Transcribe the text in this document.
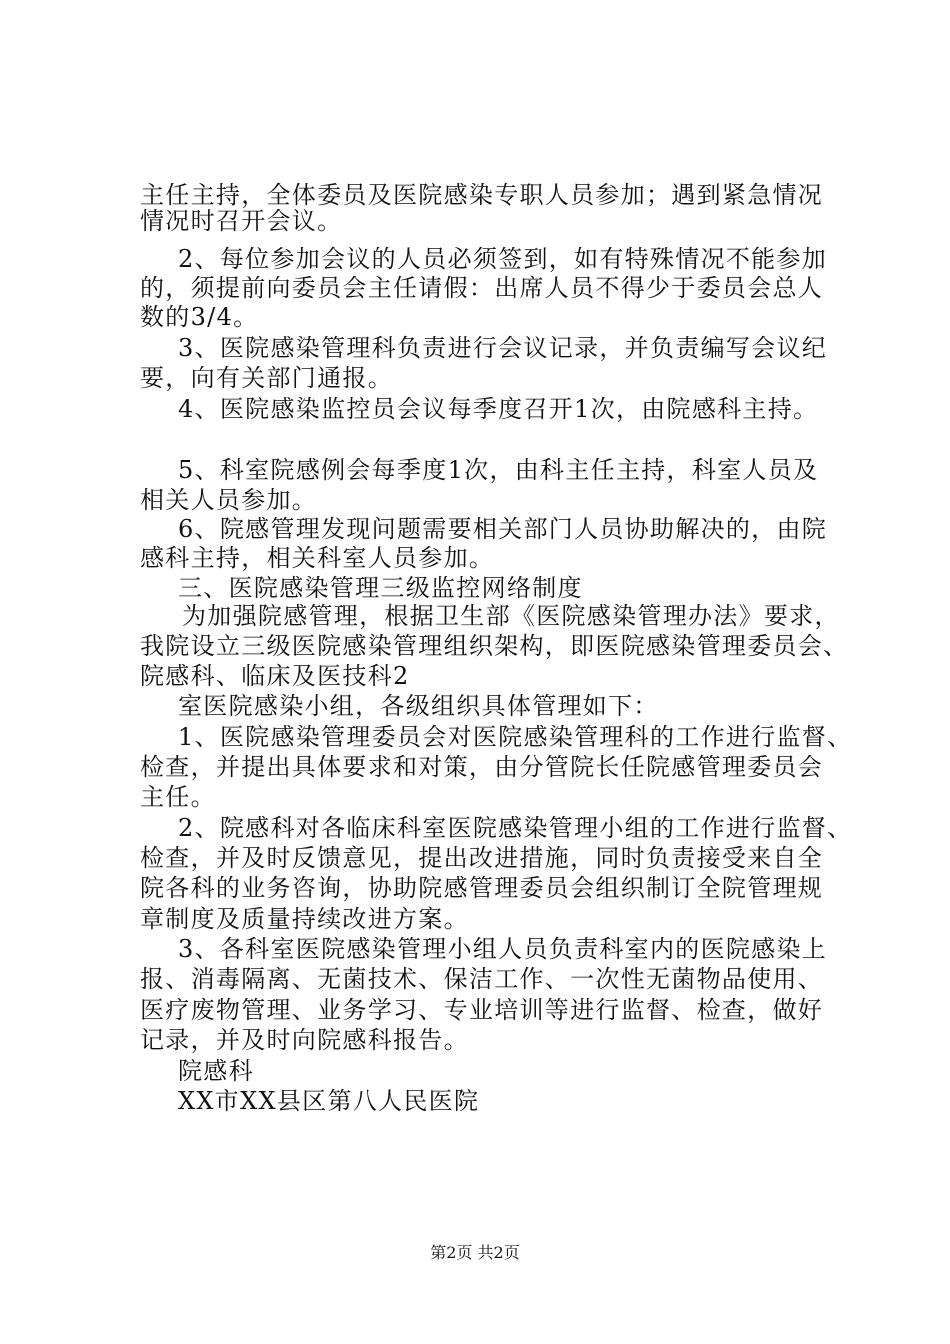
主任主持，全体委员及医院感染专职人员参加；遇到紧急情况
情况时召开会议。
2、每位参加会议的人员必须签到，如有特殊情况不能参加
的，须提前向委员会主任请假：出席人员不得少于委员会总人
数的3/4。
3、医院感染管理科负责进行会议记录，并负责编写会议纪
要，向有关部门通报。
4、医院感染监控员会议每季度召开1次，由院感科主持。
5、科室院感例会每季度1次，由科主任主持，科室人员及
相关人员参加。
6、院感管理发现问题需要相关部门人员协助解决的，由院
感科主持，相关科室人员参加。
三、医院感染管理三级监控网络制度
为加强院感管理，根据卫生部《医院感染管理办法》要求，
我院设立三级医院感染管理组织架构，即医院感染管理委员会、
院感科、临床及医技科2
室医院感染小组，各级组织具体管理如下：
1、医院感染管理委员会对医院感染管理科的工作进行监督、
检查，并提出具体要求和对策，由分管院长任院感管理委员会
主任。
2、院感科对各临床科室医院感染管理小组的工作进行监督、
检查，并及时反馈意见，提出改进措施，同时负责接受来自全
院各科的业务咨询，协助院感管理委员会组织制订全院管理规
章制度及质量持续改进方案。
3、各科室医院感染管理小组人员负责科室内的医院感染上
报、消毒隔离、无菌技术、保洁工作、一次性无菌物品使用、
医疗废物管理、业务学习、专业培训等进行监督、检查，做好
记录，并及时向院感科报告。
院感科
XX市XX县区第八人民医院
第2页 共2页
